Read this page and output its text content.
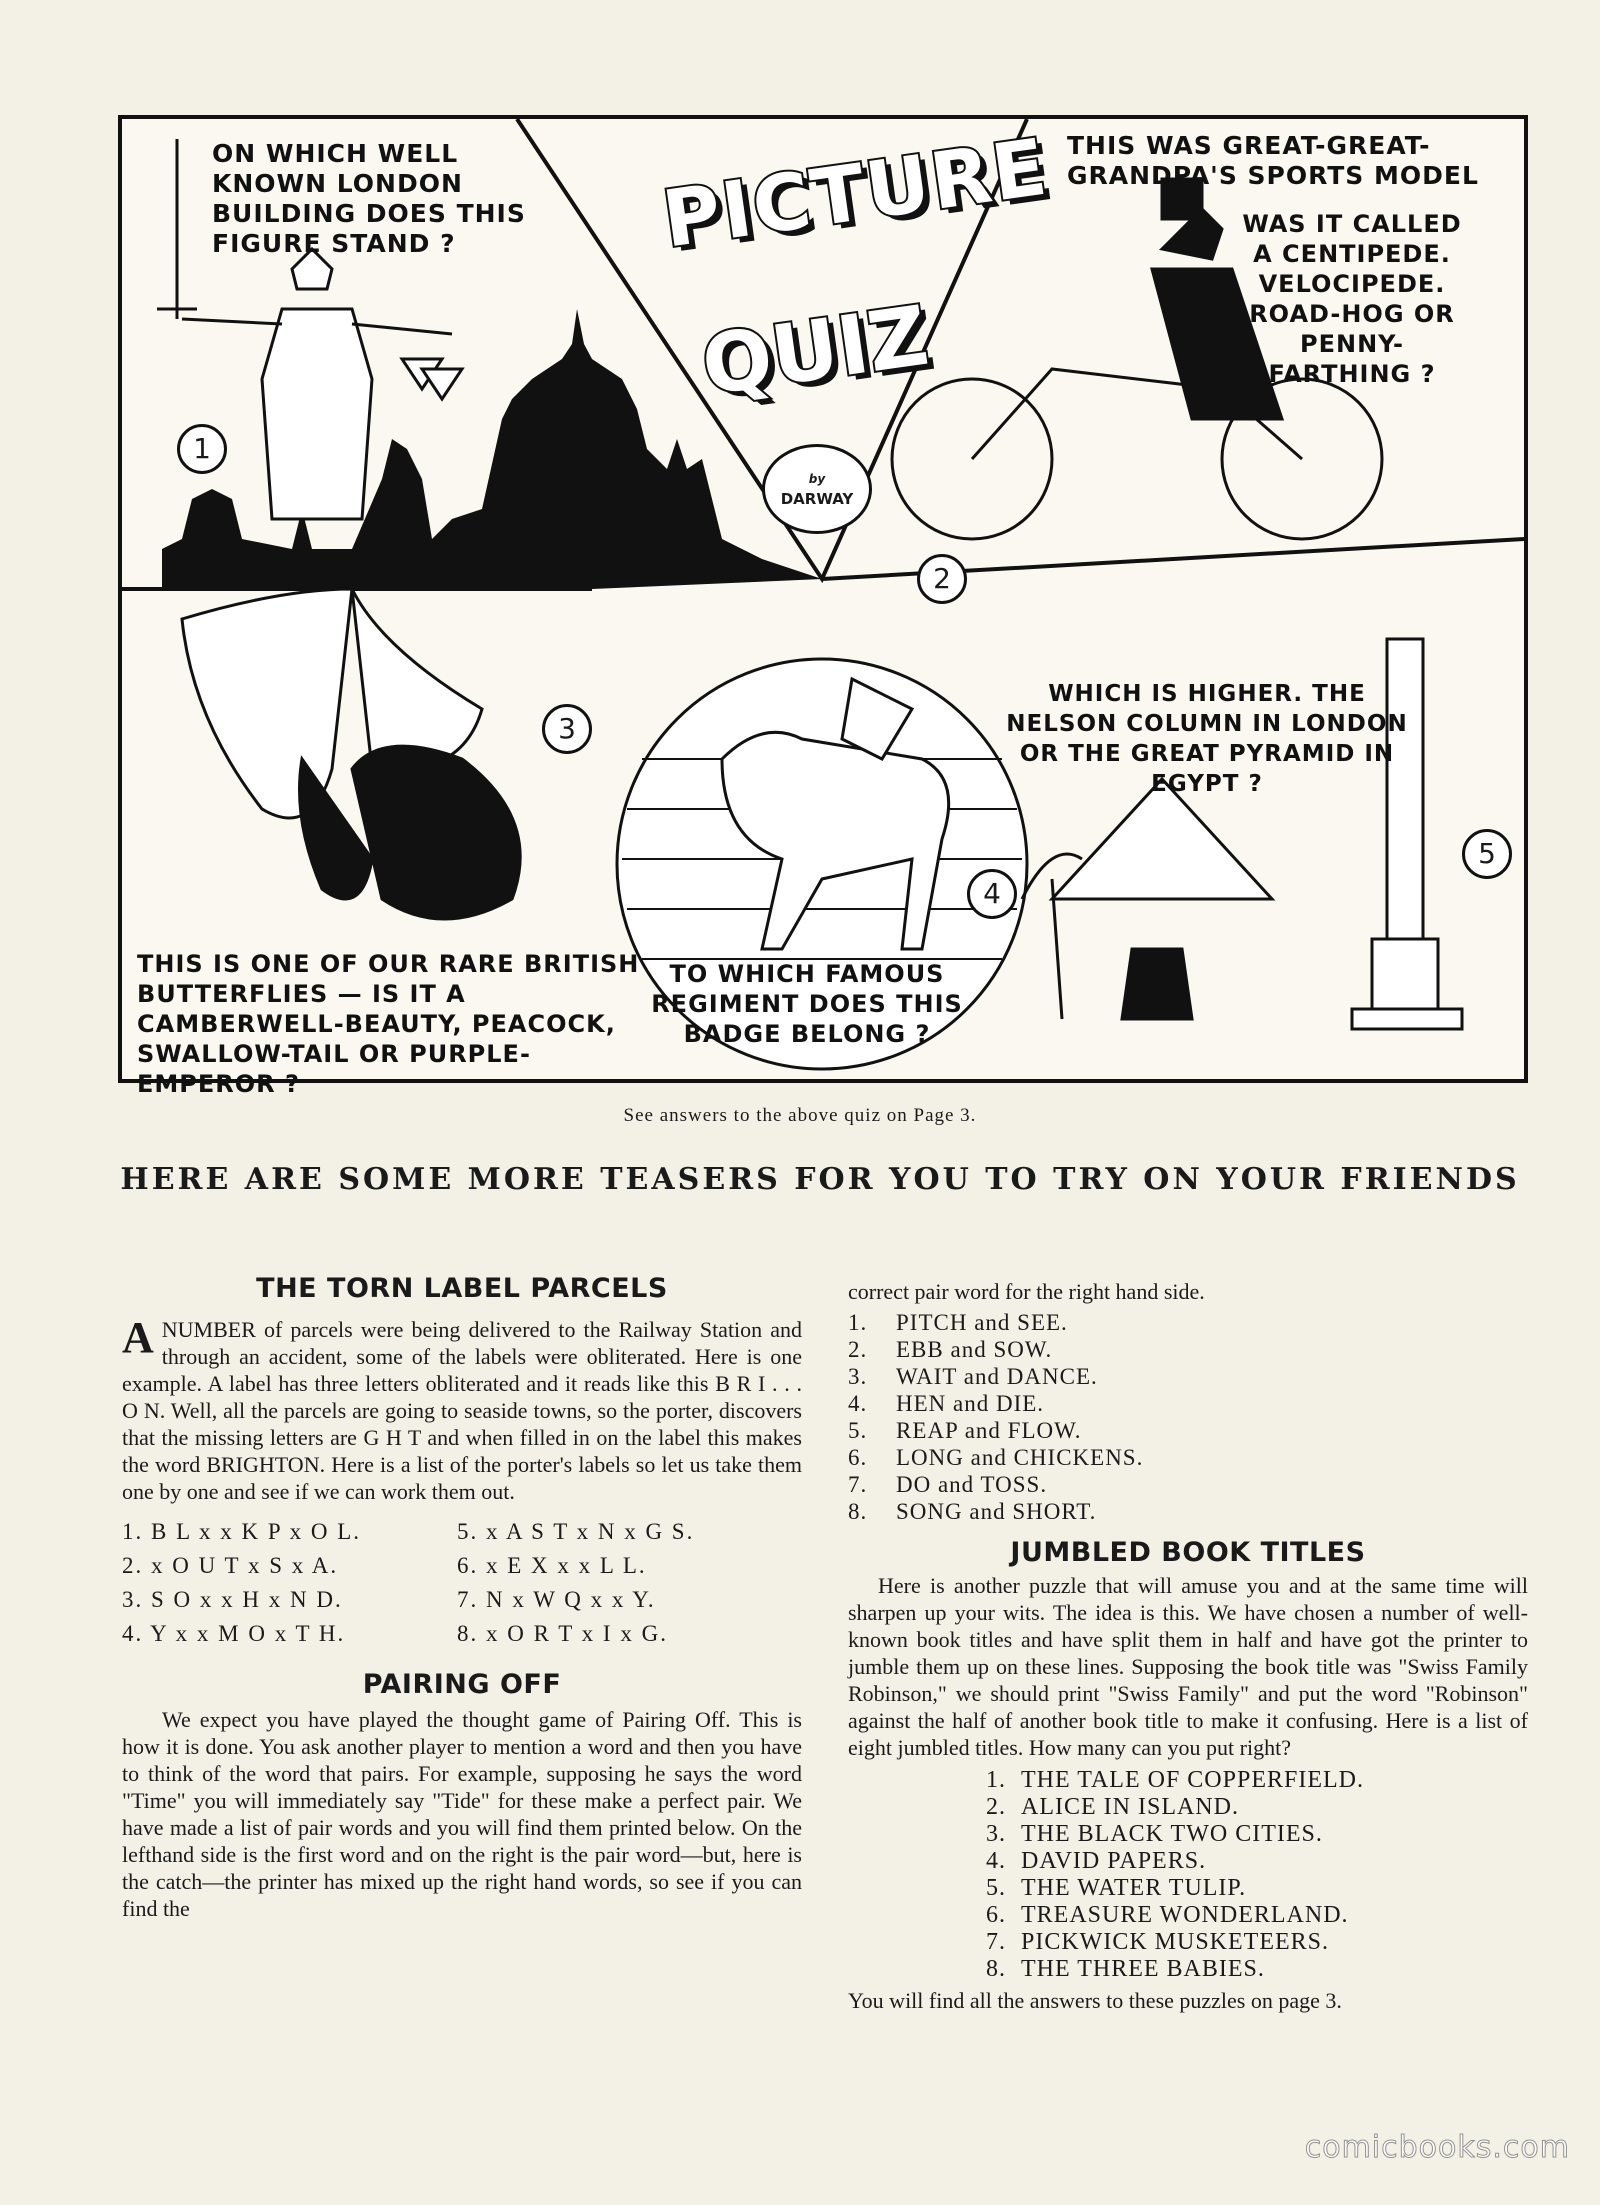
PICTURE
QUIZ
by
DARWAY
ON WHICH WELL KNOWN LONDON BUILDING DOES THIS FIGURE STAND ?
1
THIS WAS GREAT-GREAT-GRANDPA'S SPORTS MODEL
WAS IT CALLED A CENTIPEDE. VELOCIPEDE. ROAD-HOG OR PENNY-FARTHING ?
2
THIS IS ONE OF OUR RARE BRITISH BUTTERFLIES — IS IT A CAMBERWELL-BEAUTY, PEACOCK, SWALLOW-TAIL OR PURPLE-EMPEROR ?
3
TO WHICH FAMOUS REGIMENT DOES THIS BADGE BELONG ?
4
WHICH IS HIGHER. THE NELSON COLUMN IN LONDON OR THE GREAT PYRAMID IN EGYPT ?
5
See answers to the above quiz on Page 3.
HERE ARE SOME MORE TEASERS FOR YOU TO TRY ON YOUR FRIENDS
THE TORN LABEL PARCELS

ANUMBER of parcels were being delivered to the Railway Station and through an accident, some of the labels were obliterated. Here is one example. A label has three letters obliterated and it reads like this B R I . . . O N. Well, all the parcels are going to seaside towns, so the porter, discovers that the missing letters are G H T and when filled in on the label this makes the word BRIGHTON. Here is a list of the porter's labels so let us take them one by one and see if we can work them out.

1. B L x x K P x O L.	5. x A S T x N x G S.
2. x O U T x S x A.	6. x E X x x L L.
3. S O x x H x N D.	7. N x W Q x x Y.
4. Y x x M O x T H.	8. x O R T x I x G.
PAIRING OFF

We expect you have played the thought game of Pairing Off. This is how it is done. You ask another player to mention a word and then you have to think of the word that pairs. For example, supposing he says the word "Time" you will immediately say "Tide" for these make a perfect pair. We have made a list of pair words and you will find them printed below. On the lefthand side is the first word and on the right is the pair word—but, here is the catch—the printer has mixed up the right hand words, so see if you can find the

correct pair word for the right hand side.

1.	PITCH and SEE.
2.	EBB and SOW.
3.	WAIT and DANCE.
4.	HEN and DIE.
5.	REAP and FLOW.
6.	LONG and CHICKENS.
7.	DO and TOSS.
8.	SONG and SHORT.
JUMBLED BOOK TITLES

Here is another puzzle that will amuse you and at the same time will sharpen up your wits. The idea is this. We have chosen a number of well-known book titles and have split them in half and have got the printer to jumble them up on these lines. Supposing the book title was "Swiss Family Robinson," we should print "Swiss Family" and put the word "Robinson" against the half of another book title to make it confusing. Here is a list of eight jumbled titles. How many can you put right?

1. THE TALE OF COPPERFIELD.
2. ALICE IN ISLAND.
3. THE BLACK TWO CITIES.
4. DAVID PAPERS.
5. THE WATER TULIP.
6. TREASURE WONDERLAND.
7. PICKWICK MUSKETEERS.
8. THE THREE BABIES.

You will find all the answers to these puzzles on page 3.

comicbooks.com
